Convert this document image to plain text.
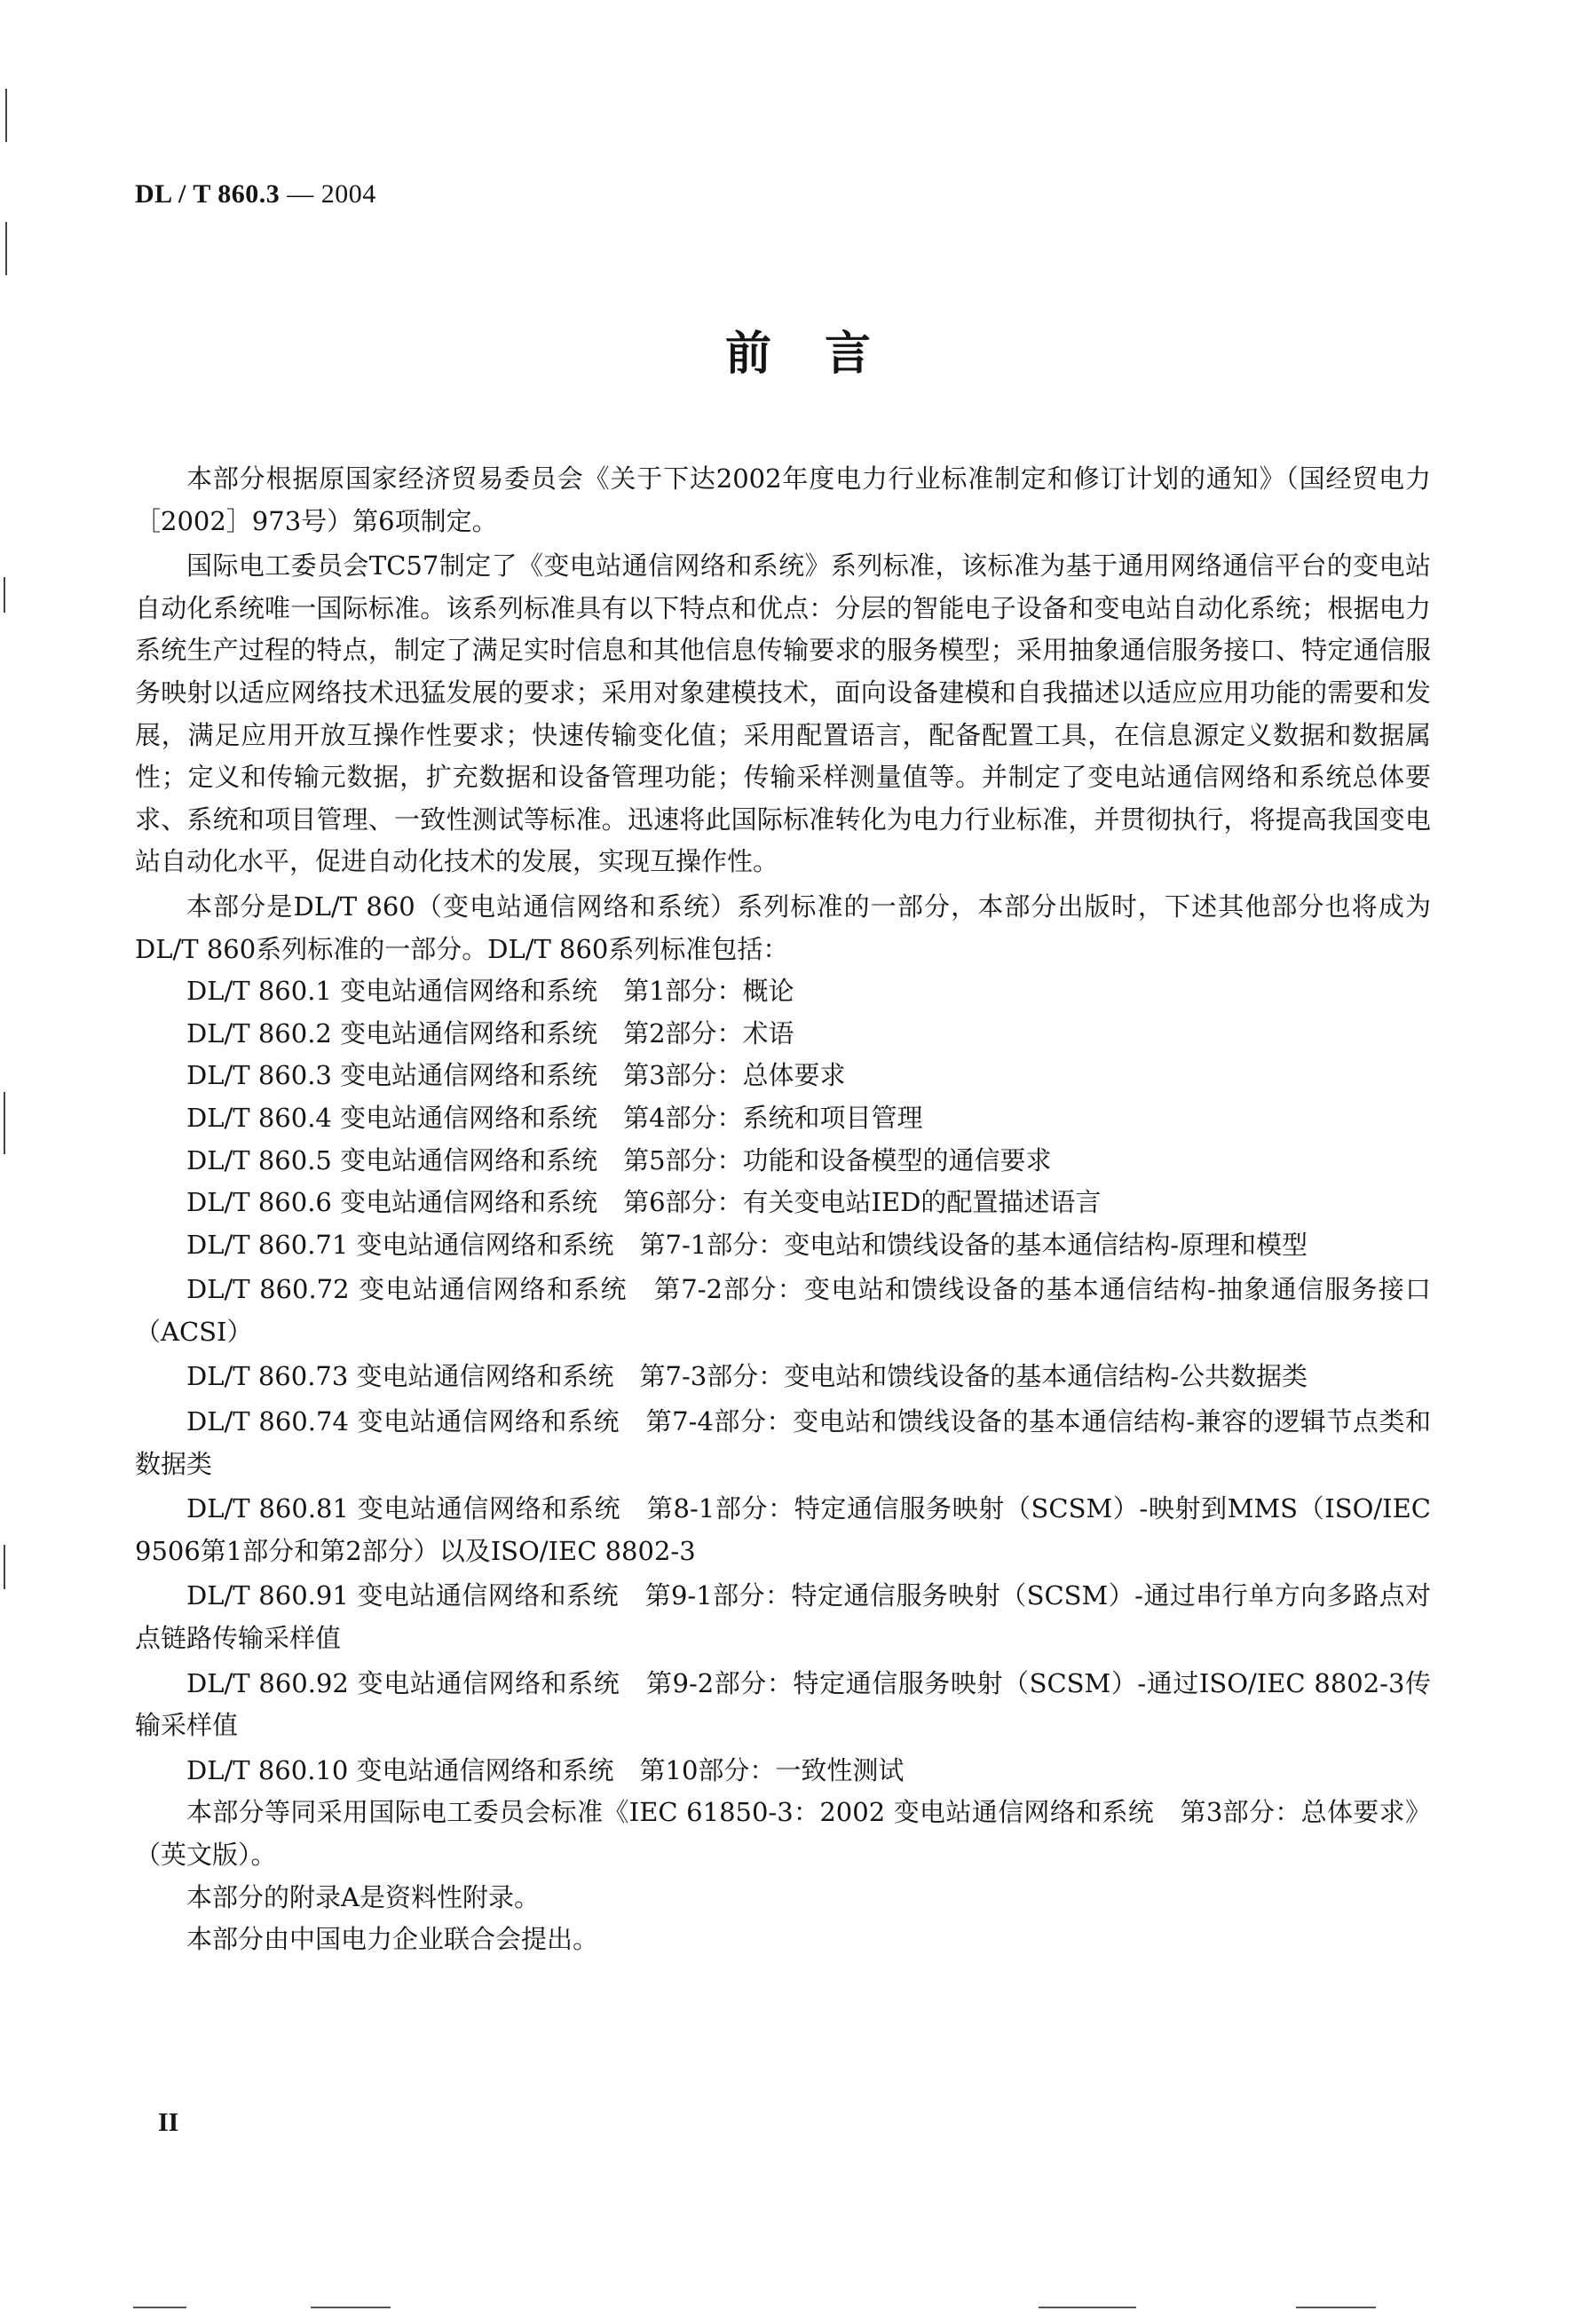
DL / T 860.3 — 2004
前言

本部分根据原国家经济贸易委员会《关于下达2002年度电力行业标准制定和修订计划的通知》（国经贸电力［2002］973号）第6项制定。

国际电工委员会TC57制定了《变电站通信网络和系统》系列标准，该标准为基于通用网络通信平台的变电站自动化系统唯一国际标准。该系列标准具有以下特点和优点：分层的智能电子设备和变电站自动化系统；根据电力系统生产过程的特点，制定了满足实时信息和其他信息传输要求的服务模型；采用抽象通信服务接口、特定通信服务映射以适应网络技术迅猛发展的要求；采用对象建模技术，面向设备建模和自我描述以适应应用功能的需要和发展，满足应用开放互操作性要求；快速传输变化值；采用配置语言，配备配置工具，在信息源定义数据和数据属性；定义和传输元数据，扩充数据和设备管理功能；传输采样测量值等。并制定了变电站通信网络和系统总体要求、系统和项目管理、一致性测试等标准。迅速将此国际标准转化为电力行业标准，并贯彻执行，将提高我国变电站自动化水平，促进自动化技术的发展，实现互操作性。

本部分是DL/T 860（变电站通信网络和系统）系列标准的一部分，本部分出版时，下述其他部分也将成为DL/T 860系列标准的一部分。DL/T 860系列标准包括：

DL/T 860.1 变电站通信网络和系统　第1部分：概论

DL/T 860.2 变电站通信网络和系统　第2部分：术语

DL/T 860.3 变电站通信网络和系统　第3部分：总体要求

DL/T 860.4 变电站通信网络和系统　第4部分：系统和项目管理

DL/T 860.5 变电站通信网络和系统　第5部分：功能和设备模型的通信要求

DL/T 860.6 变电站通信网络和系统　第6部分：有关变电站IED的配置描述语言

DL/T 860.71 变电站通信网络和系统　第7-1部分：变电站和馈线设备的基本通信结构-原理和模型

DL/T 860.72 变电站通信网络和系统　第7-2部分：变电站和馈线设备的基本通信结构-抽象通信服务接口（ACSI）

DL/T 860.73 变电站通信网络和系统　第7-3部分：变电站和馈线设备的基本通信结构-公共数据类

DL/T 860.74 变电站通信网络和系统　第7-4部分：变电站和馈线设备的基本通信结构-兼容的逻辑节点类和数据类

DL/T 860.81 变电站通信网络和系统　第8-1部分：特定通信服务映射（SCSM）-映射到MMS（ISO/IEC 9506第1部分和第2部分）以及ISO/IEC 8802-3

DL/T 860.91 变电站通信网络和系统　第9-1部分：特定通信服务映射（SCSM）-通过串行单方向多路点对点链路传输采样值

DL/T 860.92 变电站通信网络和系统　第9-2部分：特定通信服务映射（SCSM）-通过ISO/IEC 8802-3传输采样值

DL/T 860.10 变电站通信网络和系统　第10部分：一致性测试

本部分等同采用国际电工委员会标准《IEC 61850-3：2002 变电站通信网络和系统　第3部分：总体要求》（英文版）。

本部分的附录A是资料性附录。

本部分由中国电力企业联合会提出。

II
